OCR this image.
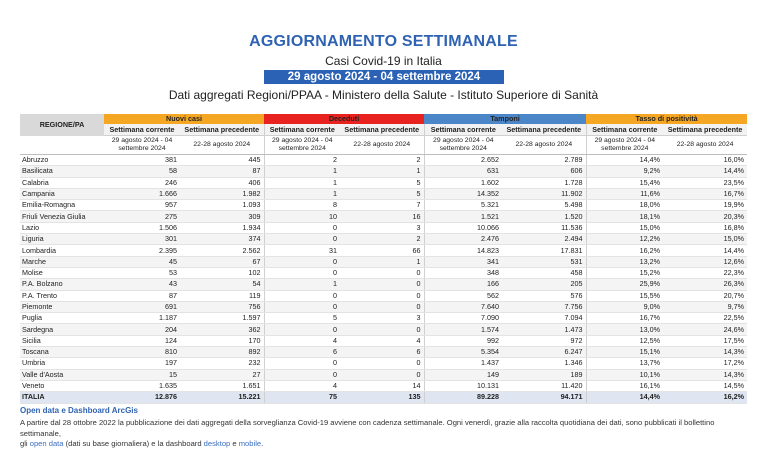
AGGIORNAMENTO SETTIMANALE
Casi Covid-19 in Italia
29 agosto 2024 - 04 settembre 2024
Dati aggregati Regioni/PPAA - Ministero della Salute - Istituto Superiore di Sanità
REGIONE/PA	Nuovi casi		Deceduti		Tamponi		Tasso di positività	
	Settimana corrente	Settimana precedente	Settimana corrente	Settimana precedente	Settimana corrente	Settimana precedente	Settimana corrente	Settimana precedente
	29 agosto 2024 - 04 settembre 2024	22-28 agosto 2024	29 agosto 2024 - 04 settembre 2024	22-28 agosto 2024	29 agosto 2024 - 04 settembre 2024	22-28 agosto 2024	29 agosto 2024 - 04 settembre 2024	22-28 agosto 2024
Abruzzo	381	445	2	2	2.652	2.789	14,4%	16,0%
Basilicata	58	87	1	1	631	606	9,2%	14,4%
Calabria	246	406	1	5	1.602	1.728	15,4%	23,5%
Campania	1.666	1.982	1	5	14.352	11.902	11,6%	16,7%
Emilia-Romagna	957	1.093	8	7	5.321	5.498	18,0%	19,9%
Friuli Venezia Giulia	275	309	10	16	1.521	1.520	18,1%	20,3%
Lazio	1.506	1.934	0	3	10.066	11.536	15,0%	16,8%
Liguria	301	374	0	2	2.476	2.494	12,2%	15,0%
Lombardia	2.395	2.562	31	66	14.823	17.831	16,2%	14,4%
Marche	45	67	0	1	341	531	13,2%	12,6%
Molise	53	102	0	0	348	458	15,2%	22,3%
P.A. Bolzano	43	54	1	0	166	205	25,9%	26,3%
P.A. Trento	87	119	0	0	562	576	15,5%	20,7%
Piemonte	691	756	0	0	7.640	7.756	9,0%	9,7%
Puglia	1.187	1.597	5	3	7.090	7.094	16,7%	22,5%
Sardegna	204	362	0	0	1.574	1.473	13,0%	24,6%
Sicilia	124	170	4	4	992	972	12,5%	17,5%
Toscana	810	892	6	6	5.354	6.247	15,1%	14,3%
Umbria	197	232	0	0	1.437	1.346	13,7%	17,2%
Valle d'Aosta	15	27	0	0	149	189	10,1%	14,3%
Veneto	1.635	1.651	4	14	10.131	11.420	16,1%	14,5%
ITALIA	12.876	15.221	75	135	89.228	94.171	14,4%	16,2%
Open data e Dashboard ArcGis
A partire dal 28 ottobre 2022 la pubblicazione dei dati aggregati della sorveglianza Covid-19 avviene con cadenza settimanale. Ogni venerdì, grazie alla raccolta quotidiana dei dati, sono pubblicati il bollettino settimanale,
gli open data (dati su base giornaliera) e la dashboard desktop e mobile.
